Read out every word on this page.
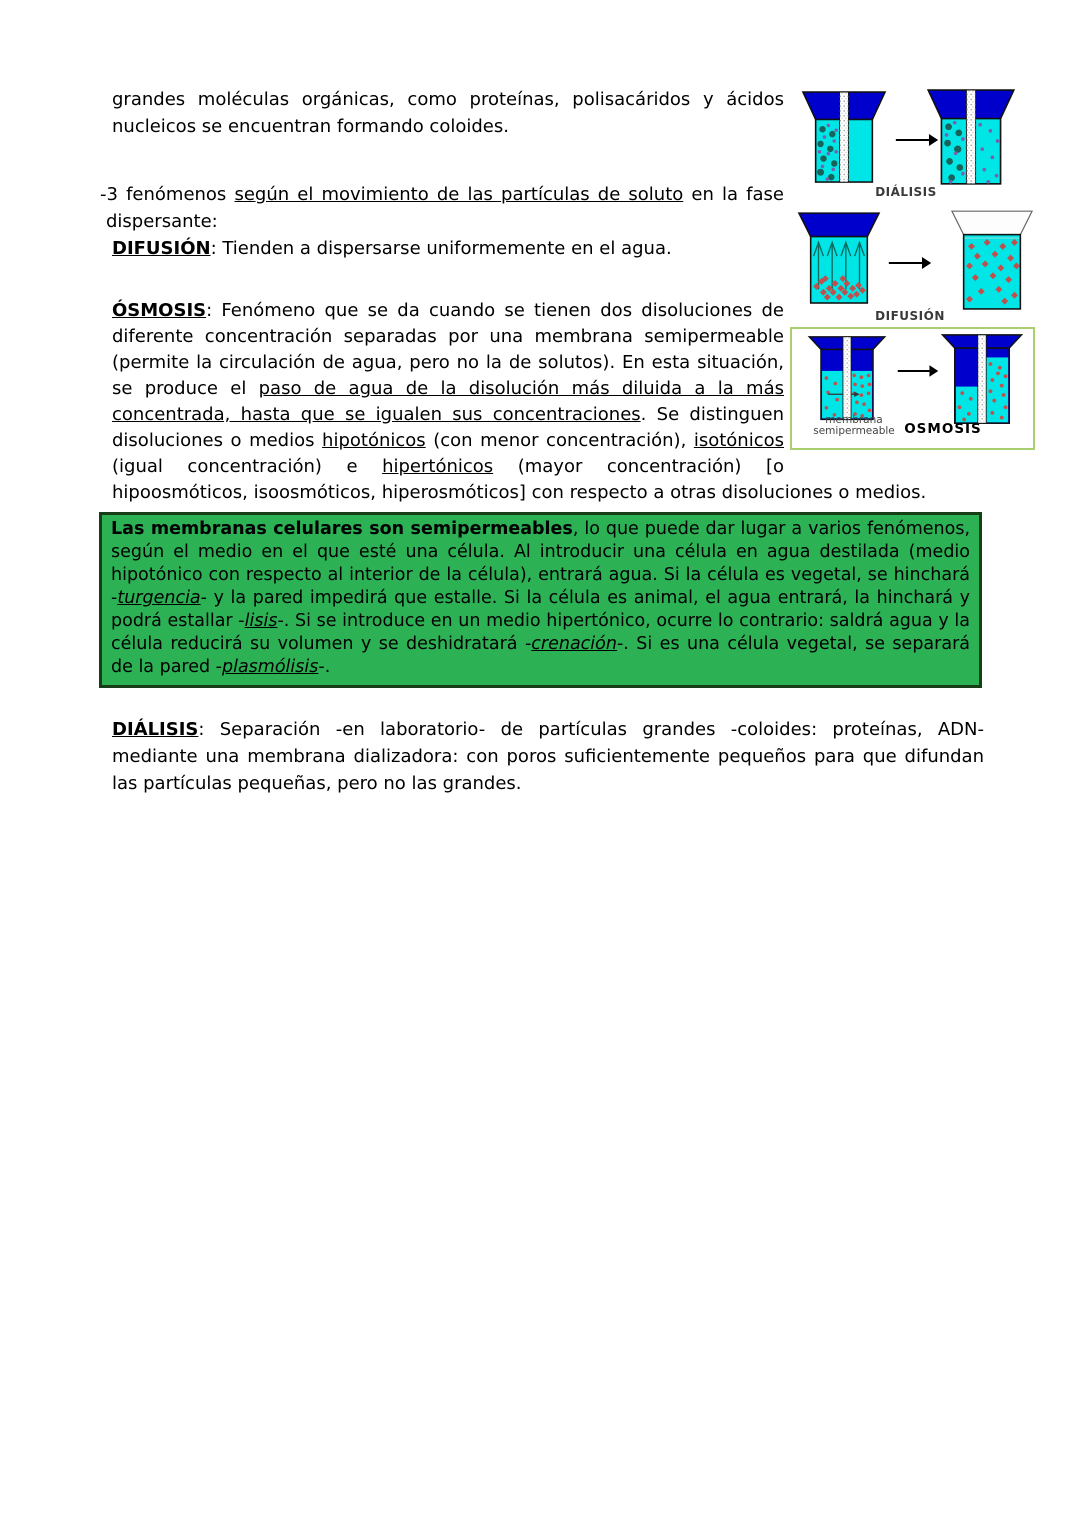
grandes moléculas orgánicas, como proteínas, polisacáridos y ácidos nucleicos se encuentran formando coloides.

-3 fenómenos según el movimiento de las partículas de soluto en la fase dispersante:

DIFUSIÓN: Tienden a dispersarse uniformemente en el agua.

ÓSMOSIS: Fenómeno que se da cuando se tienen dos disoluciones de diferente concentración separadas por una membrana semipermeable (permite la circulación de agua, pero no la de solutos). En esta situación, se produce el paso de agua de la disolución más diluida a la más concentrada, hasta que se igualen sus concentraciones. Se distinguen disoluciones o medios hipotónicos (con menor concentración), isotónicos (igual concentración) e hipertónicos (mayor concentración) [o hipoosmóticos, isoosmóticos, hiperosmóticos] con respecto a otras disoluciones o medios.

Las membranas celulares son semipermeables, lo que puede dar lugar a varios fenómenos, según el medio en el que esté una célula. Al introducir una célula en agua destilada (medio hipotónico con respecto al interior de la célula), entrará agua. Si la célula es vegetal, se hinchará -turgencia- y la pared impedirá que estalle. Si la célula es animal, el agua entrará, la hinchará y podrá estallar -lisis-. Si se introduce en un medio hipertónico, ocurre lo contrario: saldrá agua y la célula reducirá su volumen y se deshidratará -crenación-. Si es una célula vegetal, se separará de la pared -plasmólisis-.

DIÁLISIS: Separación -en laboratorio- de partículas grandes -coloides: proteínas, ADN- mediante una membrana dializadora: con poros suficientemente pequeños para que difundan las partículas pequeñas, pero no las grandes.

DIÁLISIS
DIFUSIÓN
membrana
semipermeable OSMOSIS
